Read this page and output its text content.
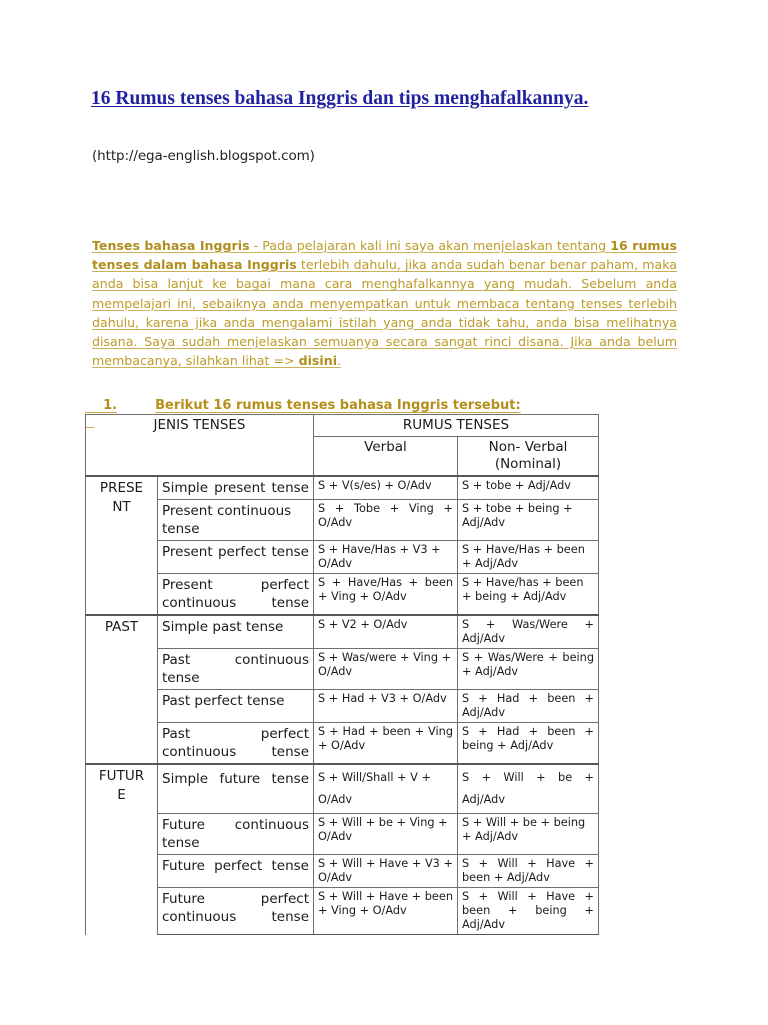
16 Rumus tenses bahasa Inggris dan tips menghafalkannya.
(http://ega-english.blogspot.com)
Tenses bahasa Inggris - Pada pelajaran kali ini saya akan menjelaskan tentang 16 rumus tenses dalam bahasa Inggris terlebih dahulu, jika anda sudah benar benar paham, maka anda bisa lanjut ke bagai mana cara menghafalkannya yang mudah. Sebelum anda mempelajari ini, sebaiknya anda menyempatkan untuk membaca tentang tenses terlebih dahulu, karena jika anda mengalami istilah yang anda tidak tahu, anda bisa melihatnya disana. Saya sudah menjelaskan semuanya secara sangat rinci disana. Jika anda belum membacanya, silahkan lihat => disini.

1.	Berikut 16 rumus tenses bahasa Inggris tersebut:

JENIS TENSES		RUMUS TENSES	
		Verbal	Non- Verbal
(Nominal)
PRESE
NT	Simple present tense	S + V(s/es) + O/Adv	S + tobe + Adj/Adv
	Present continuous tense	S + Tobe + Ving + O/Adv	S + tobe + being + Adj/Adv
	Present perfect tense	S + Have/Has + V3 + O/Adv	S + Have/Has + been + Adj/Adv
	Present perfect continuous tense	S + Have/Has + been + Ving + O/Adv	S + Have/has + been + being + Adj/Adv
PAST	Simple past tense	S + V2 + O/Adv	S + Was/Were + Adj/Adv
	Past continuous tense	S + Was/were + Ving + O/Adv	S + Was/Were + being + Adj/Adv
	Past perfect tense	S + Had + V3 + O/Adv	S + Had + been + Adj/Adv
	Past perfect continuous tense	S + Had + been + Ving + O/Adv	S + Had + been + being + Adj/Adv
FUTUR
E	Simple future tense	S + Will/Shall + V + O/Adv	S + Will + be + Adj/Adv
	Future continuous tense	S + Will + be + Ving + O/Adv	S + Will + be + being + Adj/Adv
	Future perfect tense	S + Will + Have + V3 + O/Adv	S + Will + Have + been + Adj/Adv
	Future perfect continuous tense	S + Will + Have + been + Ving + O/Adv	S + Will + Have + been + being + Adj/Adv
